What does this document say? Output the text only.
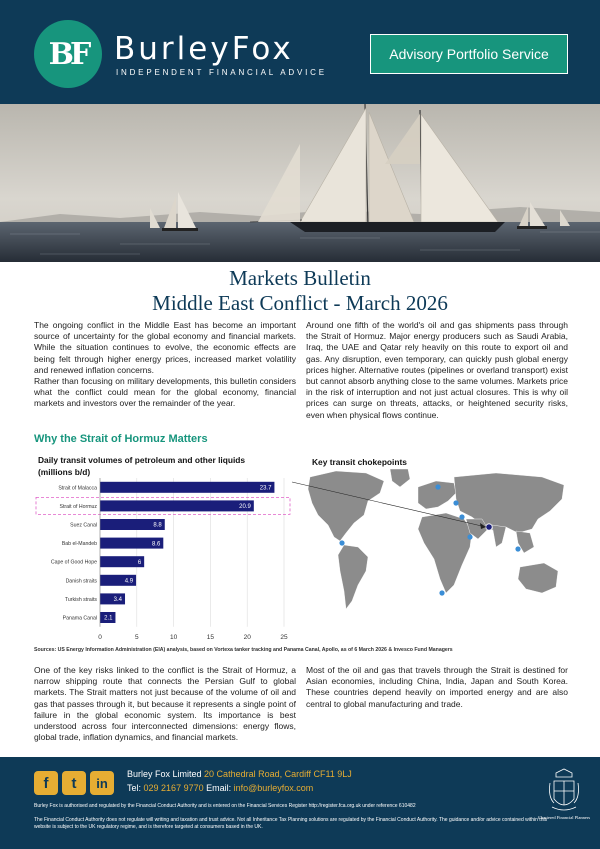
BF BurleyFox
INDEPENDENT FINANCIAL ADVICE
Advisory Portfolio Service
Markets Bulletin
Middle East Conflict - March 2026
The ongoing conflict in the Middle East has become an important source of uncertainty for the global economy and financial markets. While the situation continues to evolve, the economic effects are being felt through higher energy prices, increased market volatility and renewed inflation concerns.
Rather than focusing on military developments, this bulletin considers what the conflict could mean for the global economy, financial markets and investors over the remainder of the year.
Around one fifth of the world's oil and gas shipments pass through the Strait of Hormuz. Major energy producers such as Saudi Arabia, Iraq, the UAE and Qatar rely heavily on this route to export oil and gas. Any disruption, even temporary, can quickly push global energy prices higher. Alternative routes (pipelines or overland transport) exist but cannot absorb anything close to the same volumes. Markets price in the risk of interruption and not just actual closures. This is why oil prices can surge on threats, attacks, or heightened security risks, even when physical flows continue.
Why the Strait of Hormuz Matters
Daily transit volumes of petroleum and other liquids
(millions b/d)
0	5	10	15	20	25
Strait of Malacca	23.7
Strait of Hormuz	20.9
Suez Canal	8.8
Bab el-Mandeb	8.6
Cape of Good Hope	6
Danish straits	4.9
Turkish straits	3.4
Panama Canal 2.1
Key transit chokepoints
Sources: US Energy Information Administration (EIA) analysis, based on Vortexa tanker tracking and Panama Canal, Apollo, as of 6 March 2026 & Invesco Fund Managers
One of the key risks linked to the conflict is the Strait of Hormuz, a narrow shipping route that connects the Persian Gulf to global markets. The Strait matters not just because of the volume of oil and gas that passes through it, but because it represents a single point of failure in the global economic system. Its importance is best understood across four interconnected dimensions: energy flows, global trade, inflation dynamics, and financial markets.
Most of the oil and gas that travels through the Strait is destined for Asian economies, including China, India, Japan and South Korea. These countries depend heavily on imported energy and are also central to global manufacturing and trade.
f	t	in
Burley Fox Limited 20 Cathedral Road, Cardiff CF11 9LJ
Tel: 029 2167 9770 Email: info@burleyfox.com
Burley Fox is authorised and regulated by the Financial Conduct Authority and is entered on the Financial Services Register http://register.fca.org.uk under reference 610482
The Financial Conduct Authority does not regulate will writing and taxation and trust advice. Not all Inheritance Tax Planning solutions are regulated by the Financial Conduct Authority. The guidance and/or advice contained within this website is subject to the UK regulatory regime, and is therefore targeted at consumers based in the UK.
Chartered Financial Planners
